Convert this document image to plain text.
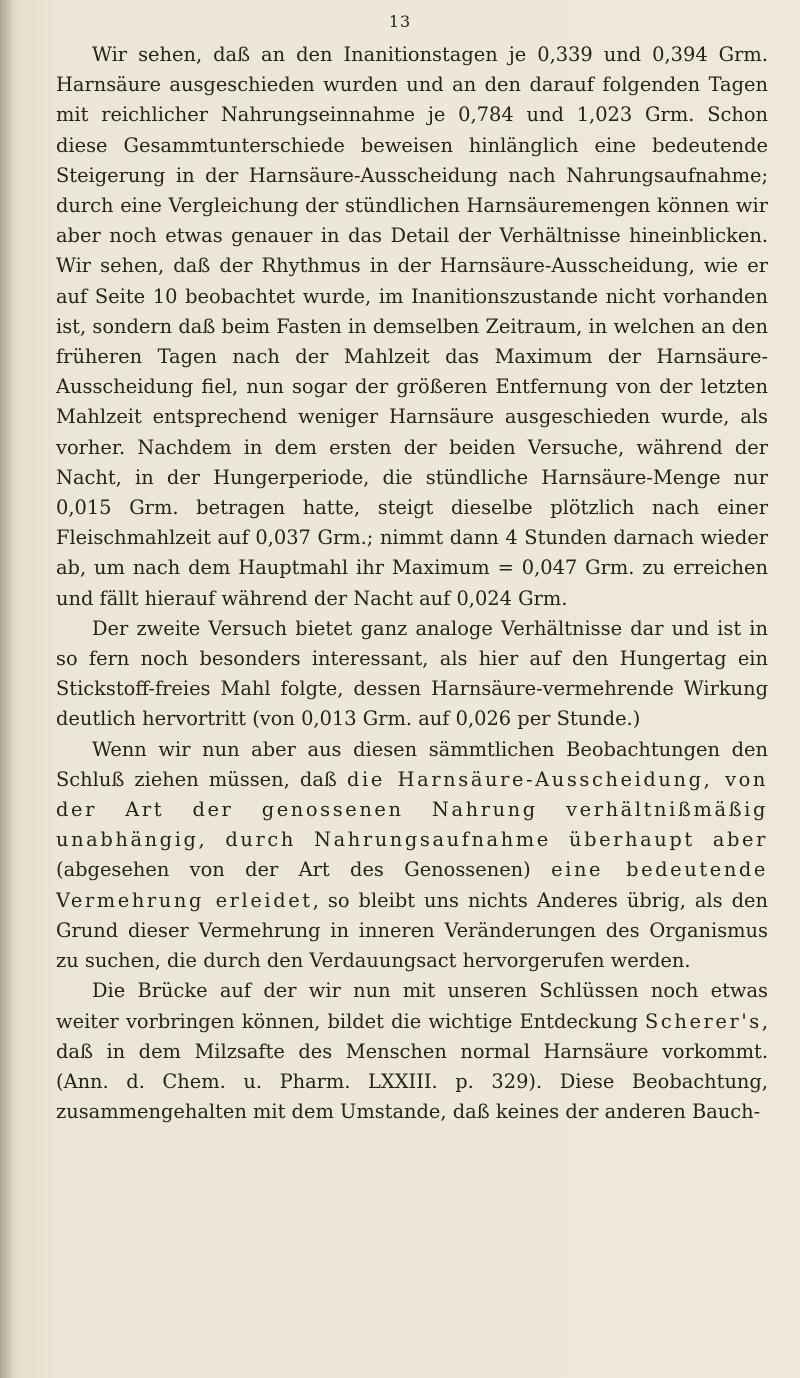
13

Wir sehen, daß an den Inanitionstagen je 0,339 und 0,394 Grm. Harnsäure ausgeschieden wurden und an den darauf folgenden Tagen mit reichlicher Nahrungseinnahme je 0,784 und 1,023 Grm. Schon diese Gesammtunterschiede beweisen hinlänglich eine bedeutende Steigerung in der Harnsäure-Ausscheidung nach Nahrungsaufnahme; durch eine Vergleichung der stündlichen Harnsäuremengen können wir aber noch etwas genauer in das Detail der Verhältnisse hineinblicken. Wir sehen, daß der Rhythmus in der Harnsäure-Ausscheidung, wie er auf Seite 10 beobachtet wurde, im Inanitionszustande nicht vorhanden ist, sondern daß beim Fasten in demselben Zeitraum, in welchen an den früheren Tagen nach der Mahlzeit das Maximum der Harnsäure-Ausscheidung fiel, nun sogar der größeren Entfernung von der letzten Mahlzeit entsprechend weniger Harnsäure ausgeschieden wurde, als vorher. Nachdem in dem ersten der beiden Versuche, während der Nacht, in der Hungerperiode, die stündliche Harnsäure-Menge nur 0,015 Grm. betragen hatte, steigt dieselbe plötzlich nach einer Fleischmahlzeit auf 0,037 Grm.; nimmt dann 4 Stunden darnach wieder ab, um nach dem Hauptmahl ihr Maximum = 0,047 Grm. zu erreichen und fällt hierauf während der Nacht auf 0,024 Grm.

Der zweite Versuch bietet ganz analoge Verhältnisse dar und ist in so fern noch besonders interessant, als hier auf den Hungertag ein Stickstoff-freies Mahl folgte, dessen Harnsäure-vermehrende Wirkung deutlich hervortritt (von 0,013 Grm. auf 0,026 per Stunde.)

Wenn wir nun aber aus diesen sämmtlichen Beobachtungen den Schluß ziehen müssen, daß die Harnsäure-Ausscheidung, von der Art der genossenen Nahrung verhältnißmäßig unabhängig, durch Nahrungsaufnahme überhaupt aber (abgesehen von der Art des Genossenen) eine bedeutende Vermehrung erleidet, so bleibt uns nichts Anderes übrig, als den Grund dieser Vermehrung in inneren Veränderungen des Organismus zu suchen, die durch den Verdauungsact hervorgerufen werden.

Die Brücke auf der wir nun mit unseren Schlüssen noch etwas weiter vorbringen können, bildet die wichtige Entdeckung Scherer's, daß in dem Milzsafte des Menschen normal Harnsäure vorkommt. (Ann. d. Chem. u. Pharm. LXXIII. p. 329). Diese Beobachtung, zusammengehalten mit dem Umstande, daß keines der anderen Bauch-
